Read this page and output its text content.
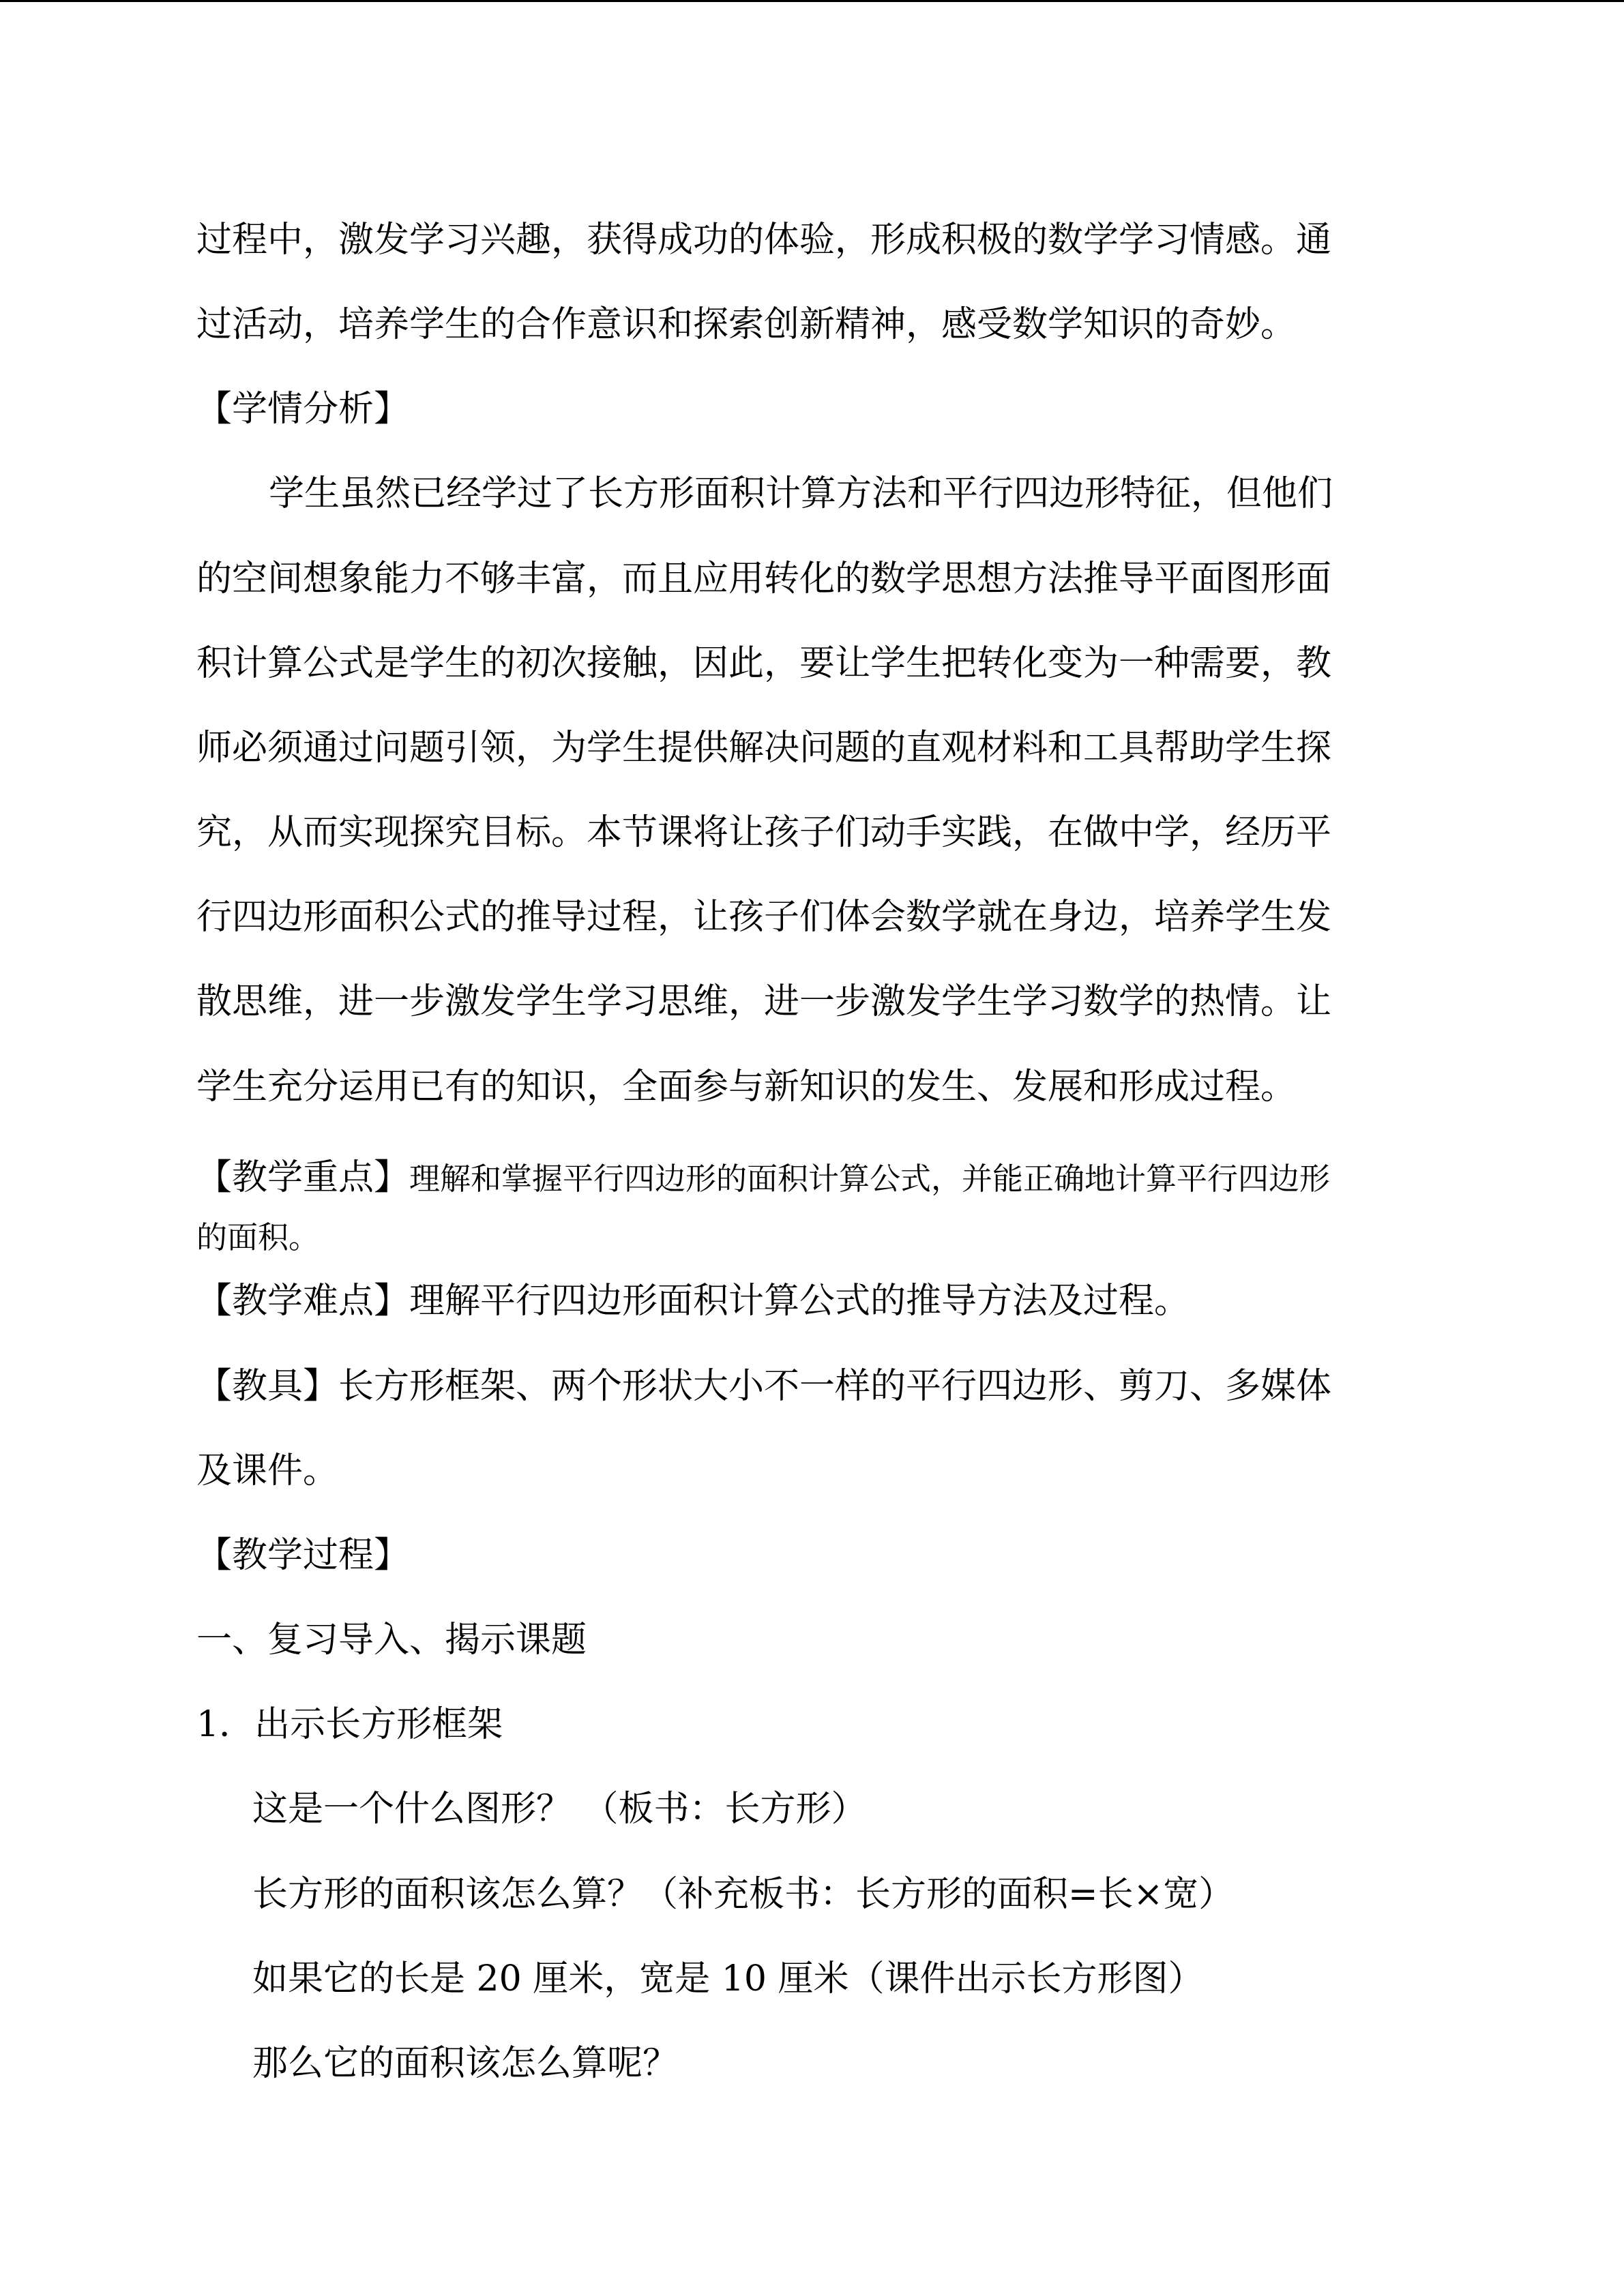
过程中，激发学习兴趣，获得成功的体验，形成积极的数学学习情感。通
过活动，培养学生的合作意识和探索创新精神，感受数学知识的奇妙。
【学情分析】
学生虽然已经学过了长方形面积计算方法和平行四边形特征，但他们
的空间想象能力不够丰富，而且应用转化的数学思想方法推导平面图形面
积计算公式是学生的初次接触，因此，要让学生把转化变为一种需要，教
师必须通过问题引领，为学生提供解决问题的直观材料和工具帮助学生探
究，从而实现探究目标。本节课将让孩子们动手实践，在做中学，经历平
行四边形面积公式的推导过程，让孩子们体会数学就在身边，培养学生发
散思维，进一步激发学生学习思维，进一步激发学生学习数学的热情。让
学生充分运用已有的知识，全面参与新知识的发生、发展和形成过程。
【教学重点】理解和掌握平行四边形的面积计算公式，并能正确地计算平行四边形
的面积。
【教学难点】理解平行四边形面积计算公式的推导方法及过程。
【教具】长方形框架、两个形状大小不一样的平行四边形、剪刀、多媒体
及课件。
【教学过程】
一、复习导入、揭示课题
1．出示长方形框架
这是一个什么图形？ （板书：长方形）
长方形的面积该怎么算？（补充板书：长方形的面积=长×宽）
如果它的长是 20 厘米，宽是 10 厘米（课件出示长方形图）
那么它的面积该怎么算呢？
